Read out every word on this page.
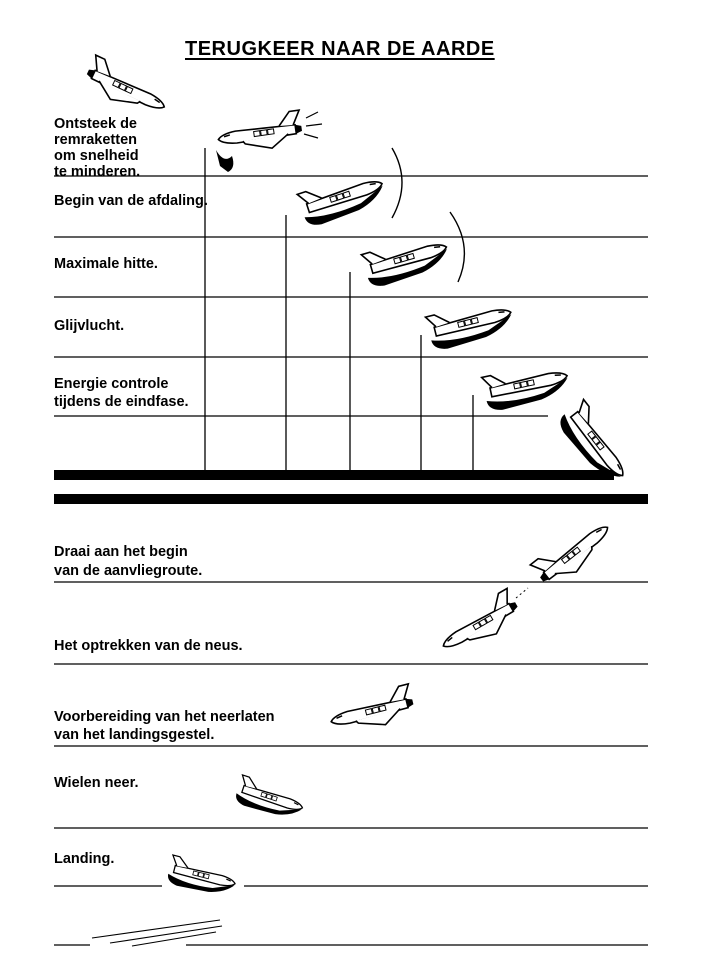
TERUGKEER NAAR DE AARDE
Ontsteek de
remraketten
om snelheid
te minderen.
Begin van de afdaling.
Maximale hitte.
Glijvlucht.
Energie controle
tijdens de eindfase.
Draai aan het begin
van de aanvliegroute.
Het optrekken van de neus.
Voorbereiding van het neerlaten
van het landingsgestel.
Wielen neer.
Landing.
